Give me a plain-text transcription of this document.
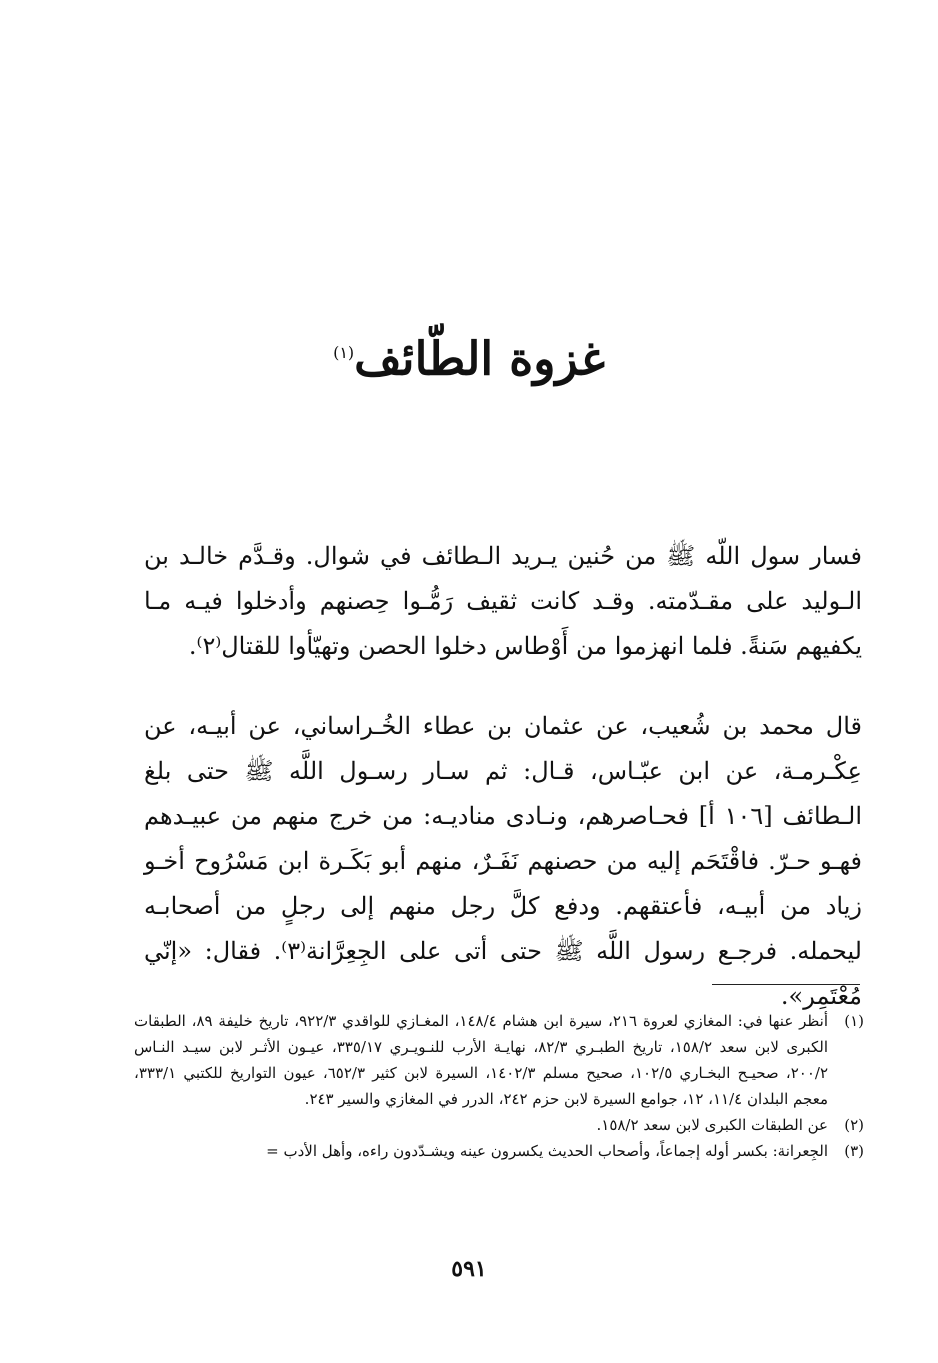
غزوة الطّائف$^{(١)}$

فسار سول اللّه ﷺ من حُنين يـريد الـطائف في شوال. وقـدَّم خالـد بن الـوليد على مقـدّمته. وقـد كانت ثقيف رَمُّـوا حِصنهم وأدخلوا فيـه مـا يكفيهم سَنةً. فلما انهزموا من أَوْطاس دخلوا الحصن وتهيّأوا للقتال⁽٢⁾.

قال محمد بن شُعيب، عن عثمان بن عطاء الخُـراساني، عن أبيـه، عن عِكْـرمـة، عن ابن عبّـاس، قـال: ثم سـار رسـول اللَّه ﷺ حتى بلغ الـطائف [١٠٦ أ] فحـاصرهم، ونـادى مناديـه: من خرج منهم من عبيـدهم فهـو حـرّ. فاقْتَحَم إليه من حصنهم نَفَـرٌ، منهم أبو بَكَـرة ابن مَسْرُوح أخـو زياد من أبيـه، فأعتقهم. ودفع كلَّ رجل منهم إلى رجلٍ من أصحابـه ليحمله. فرجـع رسول اللَّه ﷺ حتى أتى على الجِعِرَّانة⁽٣⁾. فقال: «إنّي مُعْتَمِر».

(١)
أنظر عنها في: المغازي لعروة ٢١٦، سيرة ابن هشام ١٤٨/٤، المغـازي للواقدي ٩٢٢/٣، تاريخ خليفة ٨٩، الطبقات الكبرى لابن سعد ١٥٨/٢، تاريخ الطبـري ٨٢/٣، نهايـة الأرب للنـويـري ٣٣٥/١٧، عيـون الأثـر لابن سيـد النـاس ٢٠٠/٢، صحيـح البخـاري ١٠٢/٥، صحيح مسلم ١٤٠٢/٣، السيرة لابن كثير ٦٥٢/٣، عيون التواريخ للكتبي ٣٣٣/١، معجم البلدان ١١/٤، ١٢، جوامع السيرة لابن حزم ٢٤٢، الدرر في المغازي والسير ٢٤٣.
(٢)
عن الطبقات الكبرى لابن سعد ١٥٨/٢.
(٣)
الجِعرانة: بكسر أوله إجماعاً، وأصحاب الحديث يكسرون عينه ويشـدّدون راءه، وأهل الأدب =
٥٩١
